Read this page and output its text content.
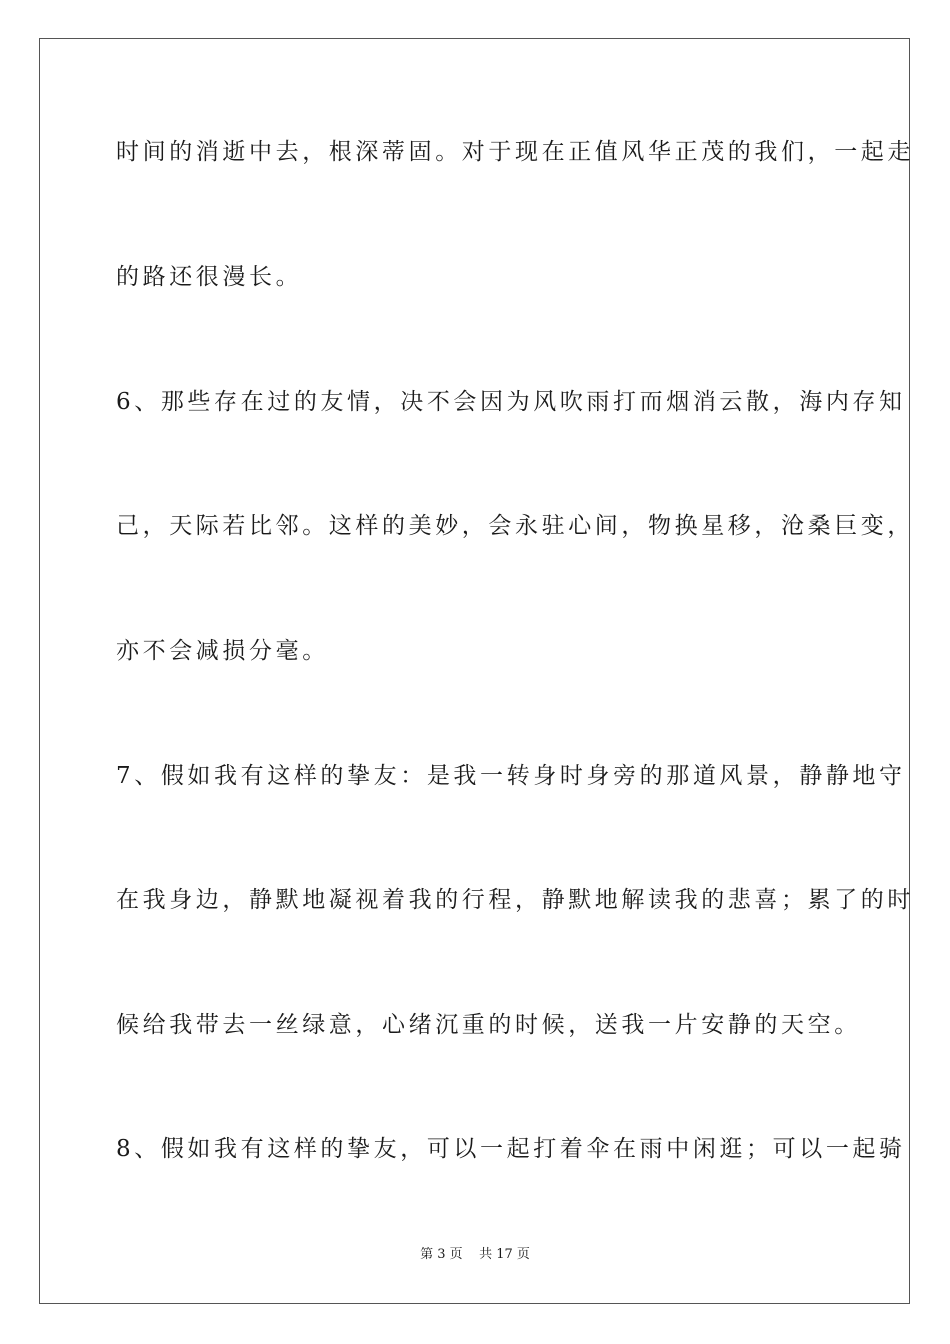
时间的消逝中去，根深蒂固。对于现在正值风华正茂的我们，一起走
的路还很漫长。
6、那些存在过的友情，决不会因为风吹雨打而烟消云散，海内存知
己，天际若比邻。这样的美妙，会永驻心间，物换星移，沧桑巨变，
亦不会减损分毫。
7、假如我有这样的挚友：是我一转身时身旁的那道风景，静静地守
在我身边，静默地凝视着我的行程，静默地解读我的悲喜；累了的时
候给我带去一丝绿意，心绪沉重的时候，送我一片安静的天空。
8、假如我有这样的挚友，可以一起打着伞在雨中闲逛；可以一起骑
第 3 页    共 17 页
